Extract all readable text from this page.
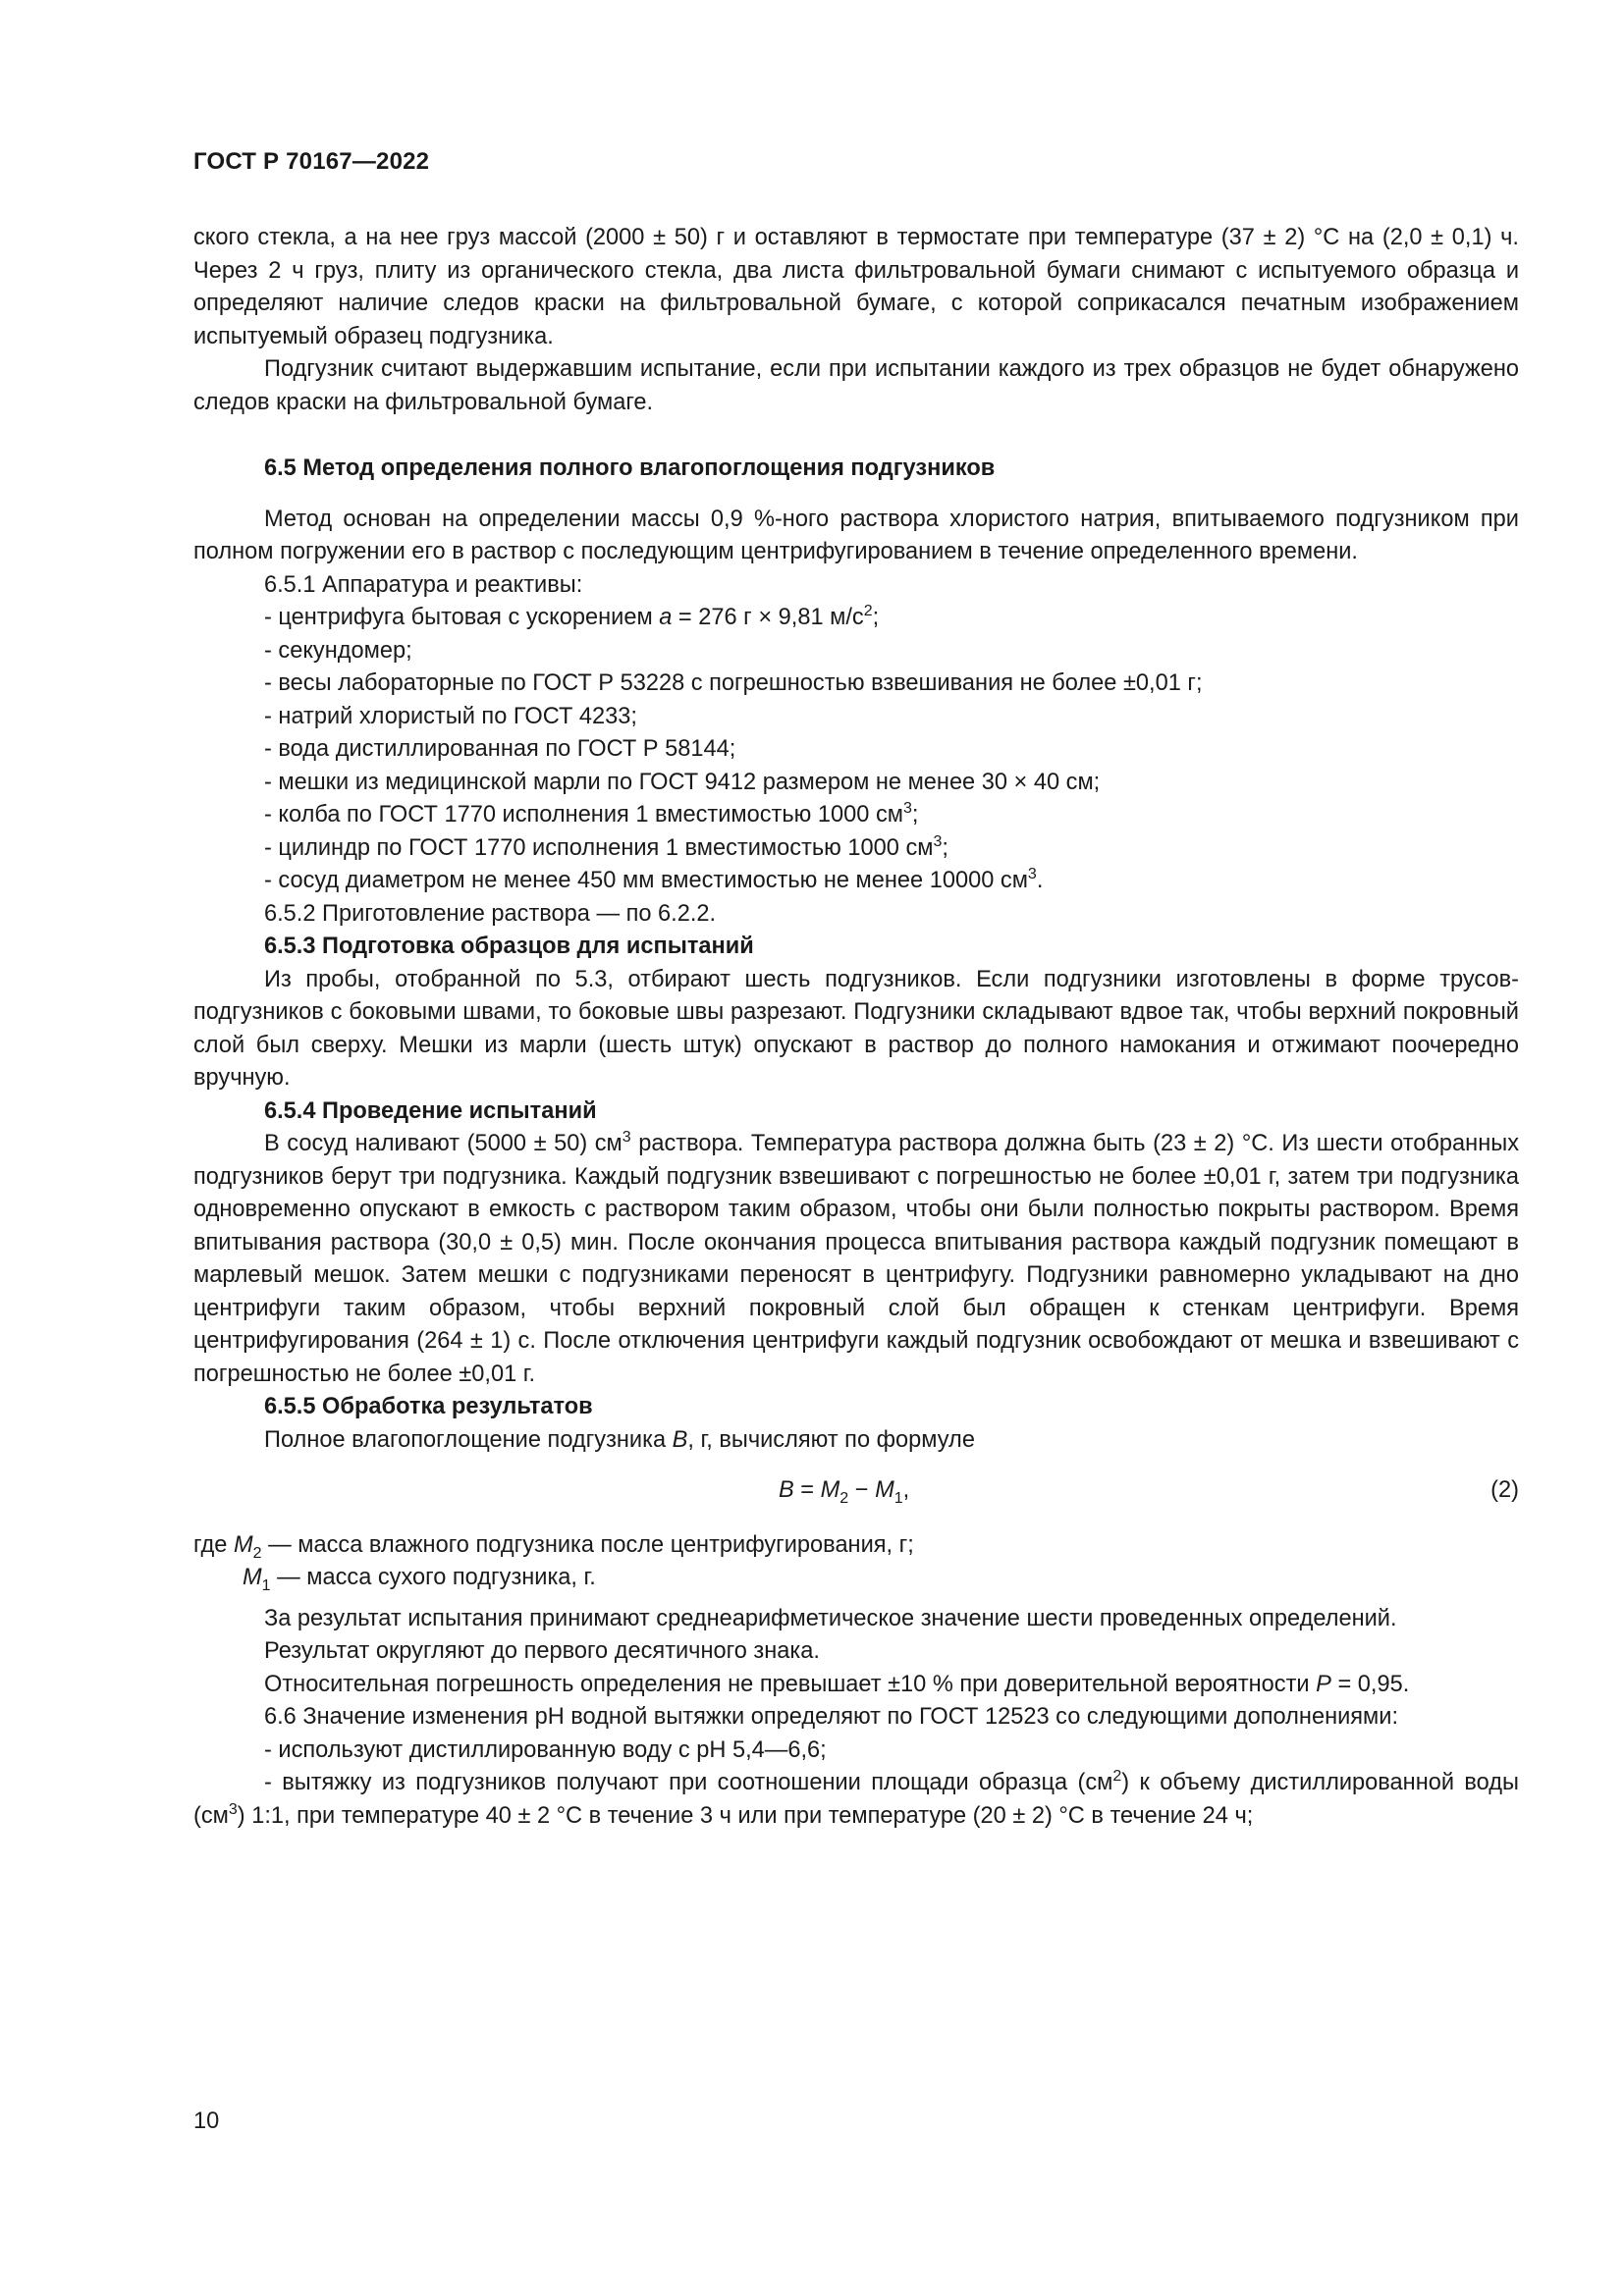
ГОСТ Р 70167—2022

ского стекла, а на нее груз массой (2000 ± 50) г и оставляют в термостате при температуре (37 ± 2) °С на (2,0 ± 0,1) ч. Через 2 ч груз, плиту из органического стекла, два листа фильтровальной бумаги снимают с испытуемого образца и определяют наличие следов краски на фильтровальной бумаге, с которой соприкасался печатным изображением испытуемый образец подгузника.

Подгузник считают выдержавшим испытание, если при испытании каждого из трех образцов не будет обнаружено следов краски на фильтровальной бумаге.

6.5 Метод определения полного влагопоглощения подгузников

Метод основан на определении массы 0,9 %-ного раствора хлористого натрия, впитываемого подгузником при полном погружении его в раствор с последующим центрифугированием в течение определенного времени.

6.5.1 Аппаратура и реактивы:

- центрифуга бытовая с ускорением a = 276 г × 9,81 $м/с^2$;

- секундомер;

- весы лабораторные по ГОСТ Р 53228 с погрешностью взвешивания не более ±0,01 г;

- натрий хлористый по ГОСТ 4233;

- вода дистиллированная по ГОСТ Р 58144;

- мешки из медицинской марли по ГОСТ 9412 размером не менее 30 × 40 см;

- колба по ГОСТ 1770 исполнения 1 вместимостью 1000 $см^3$;

- цилиндр по ГОСТ 1770 исполнения 1 вместимостью 1000 $см^3$;

- сосуд диаметром не менее 450 мм вместимостью не менее 10000 $см^3$.

6.5.2 Приготовление раствора — по 6.2.2.

6.5.3 Подготовка образцов для испытаний

Из пробы, отобранной по 5.3, отбирают шесть подгузников. Если подгузники изготовлены в форме трусов-подгузников с боковыми швами, то боковые швы разрезают. Подгузники складывают вдвое так, чтобы верхний покровный слой был сверху. Мешки из марли (шесть штук) опускают в раствор до полного намокания и отжимают поочередно вручную.

6.5.4 Проведение испытаний

В сосуд наливают (5000 ± 50) $см^3$ раствора. Температура раствора должна быть (23 ± 2) °С. Из шести отобранных подгузников берут три подгузника. Каждый подгузник взвешивают с погрешностью не более ±0,01 г, затем три подгузника одновременно опускают в емкость с раствором таким образом, чтобы они были полностью покрыты раствором. Время впитывания раствора (30,0 ± 0,5) мин. После окончания процесса впитывания раствора каждый подгузник помещают в марлевый мешок. Затем мешки с подгузниками переносят в центрифугу. Подгузники равномерно укладывают на дно центрифуги таким образом, чтобы верхний покровный слой был обращен к стенкам центрифуги. Время центрифугирования (264 ± 1) с. После отключения центрифуги каждый подгузник освобождают от мешка и взвешивают с погрешностью не более ±0,01 г.

6.5.5 Обработка результатов

Полное влагопоглощение подгузника B, г, вычисляют по формуле

$B = M_2 - M_1$,	(2)

где $M_2$ — масса влажного подгузника после центрифугирования, г;

$M_1$ — масса сухого подгузника, г.

За результат испытания принимают среднеарифметическое значение шести проведенных определений.

Результат округляют до первого десятичного знака.

Относительная погрешность определения не превышает ±10 % при доверительной вероятности P = 0,95.

6.6 Значение изменения рН водной вытяжки определяют по ГОСТ 12523 со следующими дополнениями:

- используют дистиллированную воду с рН 5,4—6,6;

- вытяжку из подгузников получают при соотношении площади образца $(см^2)$ к объему дистиллированной воды $(см^3)$ 1:1, при температуре 40 ± 2 °С в течение 3 ч или при температуре (20 ± 2) °С в течение 24 ч;

10
